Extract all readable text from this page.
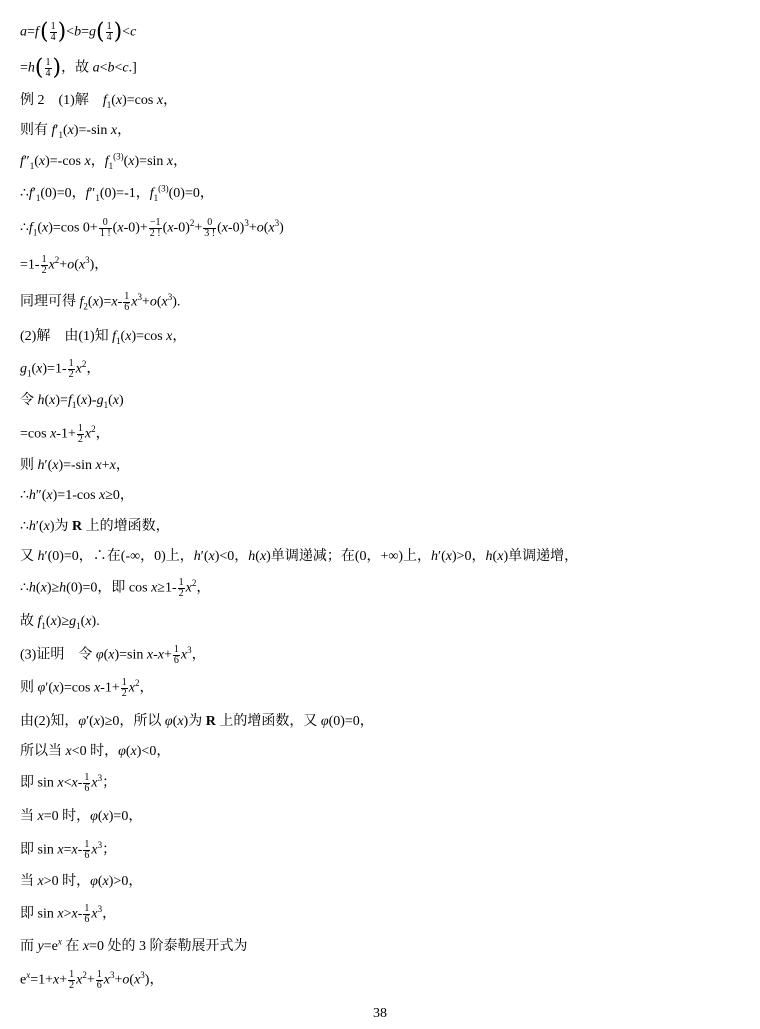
a=f ( $\frac{1}{4} )<b=g( \frac{1}{4} )<c$
$=h( \frac{1}{4}$ )，故 a<b<c.]
例 2　(1)解　$f_1(x)=\cos$ x，
则有 $f'_1(x)=-\sin$ x，
$f''_1(x)=-\cos$ x，$f_1^{(3)}(x)=\sin$ x，
$\therefore f'_1(0)=0$，$f''_1(0)=-1$，$f_1^{(3)}(0)=0$，
$\therefore f_1(x)=\cos$ $0+ \frac{0}{1 !} (x-0)+ \frac{-1}{2 !} (x-0)^2+ \frac{0}{3 !} (x-0)^3+o(x^3)$
$=1- \frac{1}{2} x^2+o(x^3)$，
同理可得 $f_2(x)=x- \frac{1}{6} x^3+o(x^3)$.
(2)解　由(1)知 $f_1(x)=\cos$ x，
$g_1(x)=1- \frac{1}{2} x^2$，
令 $h(x)=f_1(x)-g_1(x)$
=cos $x-1+ \frac{1}{2} x^2$，
则 h′(x)=-sin x+x，
∴h″(x)=1-cos x≥0，
∴h′(x)为 R 上的增函数，
又 h′(0)=0，∴在(-∞，0)上，h′(x)<0，h(x)单调递减；在(0，+∞)上，h′(x)>0，h(x)单调递增，
∴h(x)≥h(0)=0，即 $\cos x\ge 1- \frac{1}{2} x^2$，
故 $f_1(x)\ge g_1(x)$.
(3)证明　令 φ(x)=sin $x-x+ \frac{1}{6} x^3$，
则 φ′(x)=cos $x-1+ \frac{1}{2} x^2$，
由(2)知，φ′(x)≥0，所以 φ(x)为 R 上的增函数，又 φ(0)=0，
所以当 x<0 时，φ(x)<0，
即 $\sin x<x- \frac{1}{6} x^3$；
当 x=0 时，φ(x)=0，
即 $\sin x=x- \frac{1}{6} x^3$；
当 x>0 时，φ(x)>0，
即 $\sin x>x- \frac{1}{6} x^3$，
而 $y=e^x$ 在 x=0 处的 3 阶泰勒展开式为
$e^x=1+x+ \frac{1}{2} x^2+ \frac{1}{6} x^3+o(x^3)$，
38
